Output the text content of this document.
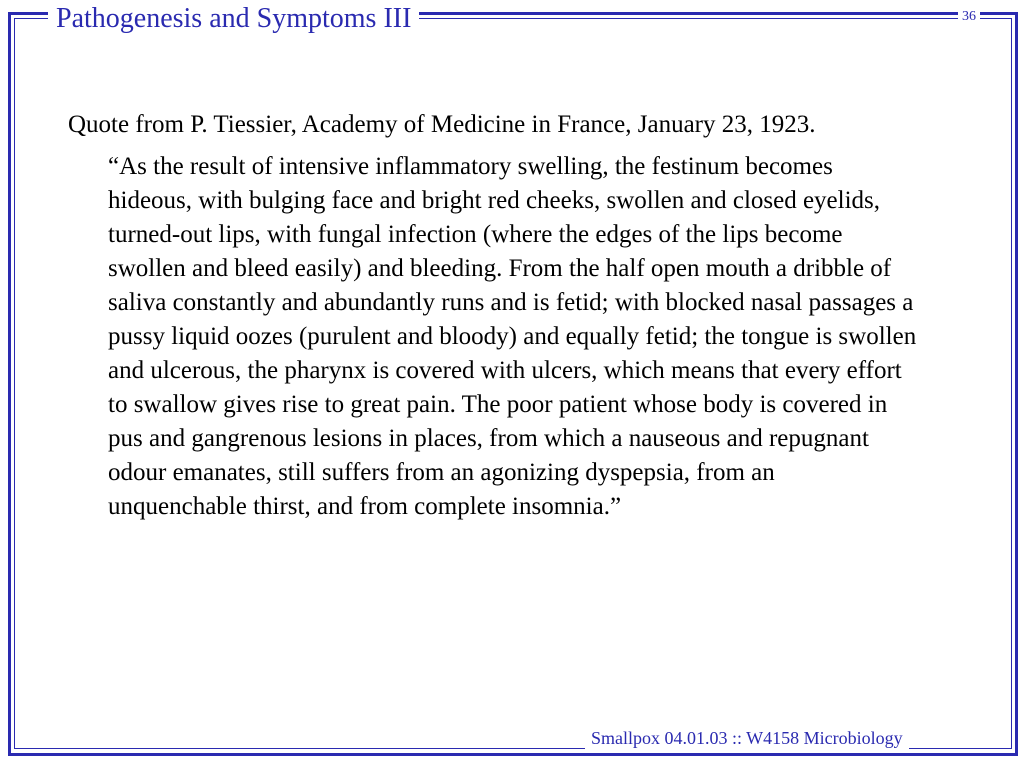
Pathogenesis and Symptoms III	36

Quote from P. Tiessier, Academy of Medicine in France, January 23, 1923.

“As the result of intensive inflammatory swelling, the festinum becomes hideous, with bulging face and bright red cheeks, swollen and closed eyelids, turned-out lips, with fungal infection (where the edges of the lips become swollen and bleed easily) and bleeding. From the half open mouth a dribble of saliva constantly and abundantly runs and is fetid; with blocked nasal passages a pussy liquid oozes (purulent and bloody) and equally fetid; the tongue is swollen and ulcerous, the pharynx is covered with ulcers, which means that every effort to swallow gives rise to great pain. The poor patient whose body is covered in pus and gangrenous lesions in places, from which a nauseous and repugnant odour emanates, still suffers from an agonizing dyspepsia, from an unquenchable thirst, and from complete insomnia.”

Smallpox 04.01.03 :: W4158 Microbiology
